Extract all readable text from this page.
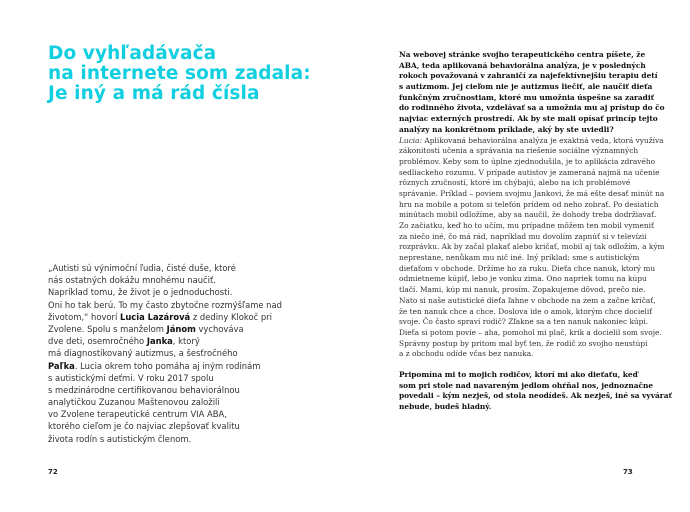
Do vyhľadávača
na internete som zadala:
Je iný a má rád čísla
„Autisti sú výnimoční ľudia, čisté duše, ktoré
nás ostatných dokážu mnohému naučiť.
Napríklad tomu, že život je o jednoduchosti.
Oni ho tak berú. To my často zbytočne rozmýšľame nad
životom,“ hovorí Lucia Lazárová z dediny Klokoč pri
Zvolene. Spolu s manželom Jánom vychováva
dve deti, osemročného Janka, ktorý
má diagnostikovaný autizmus, a šesťročného
Paľka. Lucia okrem toho pomáha aj iným rodinám
s autistickými deťmi. V roku 2017 spolu
s medzinárodne certifikovanou behaviorálnou
analytičkou Zuzanou Maštenovou založili
vo Zvolene terapeutické centrum VIA ABA,
ktorého cieľom je čo najviac zlepšovať kvalitu
života rodín s autistickým členom.
72
Na webovej stránke svojho terapeutického centra píšete, že
ABA, teda aplikovaná behaviorálna analýza, je v posledných
rokoch považovaná v zahraničí za najefektívnejšiu terapiu detí
s autizmom. Jej cieľom nie je autizmus liečiť, ale naučiť dieťa
funkčným zručnostiam, ktoré mu umožnia úspešne sa zaradiť
do rodinného života, vzdelávať sa a umožnia mu aj prístup do čo
najviac externých prostredí. Ak by ste mali opísať princíp tejto
analýzy na konkrétnom príklade, aký by ste uviedli?
Lucia: Aplikovaná behaviorálna analýza je exaktná veda, ktorá využíva
zákonitosti učenia a správania na riešenie sociálne významných
problémov. Keby som to úplne zjednodušila, je to aplikácia zdravého
sedliackeho rozumu. V prípade autistov je zameraná najmä na učenie
rôznych zručností, ktoré im chýbajú, alebo na ich problémové
správanie. Príklad – poviem svojmu Jankovi, že má ešte desať minút na
hru na mobile a potom si telefón pridem od neho zobrať. Po desiatich
minútach mobil odložíme, aby sa naučil, že dohody treba dodržiavať.
Zo začiatku, keď ho to učím, mu prípadne môžem ten mobil vymeniť
za niečo iné, čo má rád, napríklad mu dovolím zapnúť si v televízii
rozprávku. Ak by začal plakať alebo kričať, mobil aj tak odložím, a kým
neprestane, nenůkam mu nič iné. Iný príklad: sme s autistickým
dieťaťom v obchode. Držíme ho za ruku. Dieťa chce nanuk, ktorý mu
odmietneme kúpiť, lebo je vonku zima. Ono napriek tomu na kúpu
tlačí. Mami, kúp mi nanuk, prosím. Zopakujeme dôvod, prečo nie.
Nato si naše autistické dieťa ľahne v obchode na zem a začne kričať,
že ten nanuk chce a chce. Doslova ide o amok, ktorým chce docieliť
svoje. Čo často spraví rodič? Zľakne sa a ten nanuk nakoniec kúpi.
Dieťa si potom povie – aha, pomohol mi plač, krik a docielil som svoje.
Správny postup by pritom mal byť ten, že rodič zo svojho neustúpi
a z obchodu odíde včas bez nanuka.
Pripomína mi to mojich rodičov, ktorí mi ako dieťaťu, keď
som pri stole nad navareným jedlom ohŕňal nos, jednoznačne
povedali – kým nezješ, od stola neodídeš. Ak nezješ, iné sa vyvárať
nebude, budeš hladný.
73
